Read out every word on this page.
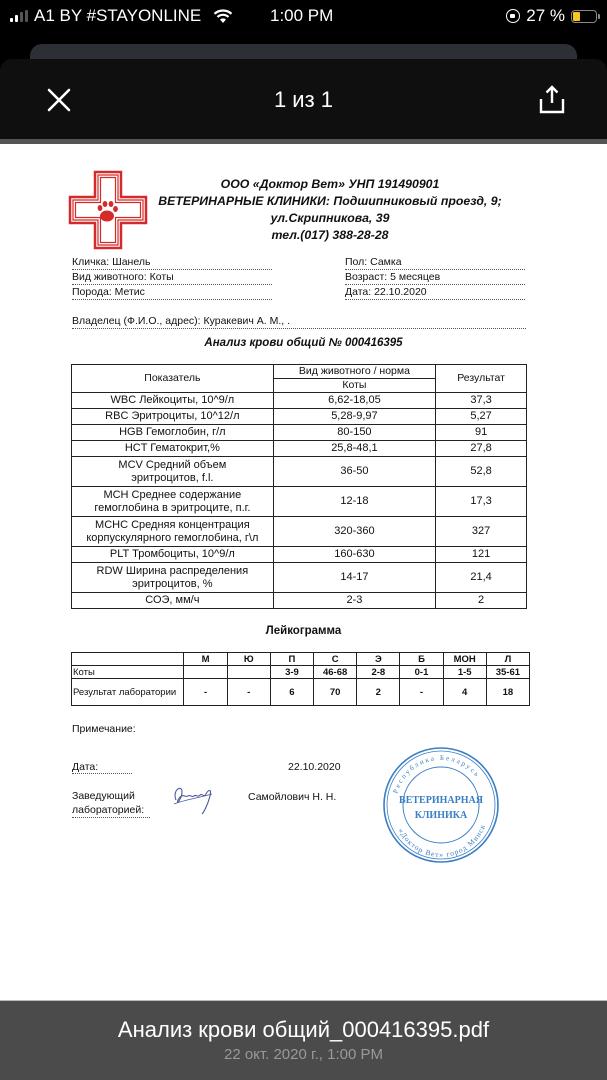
A1 BY #STAYONLINE	1:00 PM	27 %
1 из 1
ООО «Доктор Вет» УНП 191490901
ВЕТЕРИНАРНЫЕ КЛИНИКИ: Подшипниковый проезд, 9;
ул.Скрипникова, 39
тел.(017) 388-28-28
Кличка: Шанель
Вид животного: Коты
Порода: Метис
Пол: Самка
Возраст: 5 месяцев
Дата: 22.10.2020
Владелец (Ф.И.О., адрес): Куракевич А. М., .
Анализ крови общий № 000416395
Показатель	Вид животного / норма	Результат
	Коты	
WBC Лейкоциты, 10^9/л	6,62-18,05	37,3
RBC Эритроциты, 10^12/л	5,28-9,97	5,27
HGB Гемоглобин, г/л	80-150	91
HCT Гематокрит,%	25,8-48,1	27,8
MCV Средний объем эритроцитов, f.l.	36-50	52,8
MCH Среднее содержание гемоглобина в эритроците, п.г.	12-18	17,3
MCHC Средняя концентрация корпускулярного гемоглобина, г\л	320-360	327
PLT Тромбоциты, 10^9/л	160-630	121
RDW Ширина распределения эритроцитов, %	14-17	21,4
СОЭ, мм/ч	2-3	2
Лейкограмма
	М	Ю	П	С	Э	Б	МОН	Л
Коты			3-9	46-68	2-8	0-1	1-5	35-61
Результат лаборатории	-	-	6	70	2	-	4	18
Примечание:
Дата:	22.10.2020
Заведующий
лабораторией:
Самойлович Н. Н.
Республика Беларусь
«Доктор Вет» город Минск
ВЕТЕРИНАРНАЯ
КЛИНИКА
Анализ крови общий_000416395.pdf
22 окт. 2020 г., 1:00 PM
